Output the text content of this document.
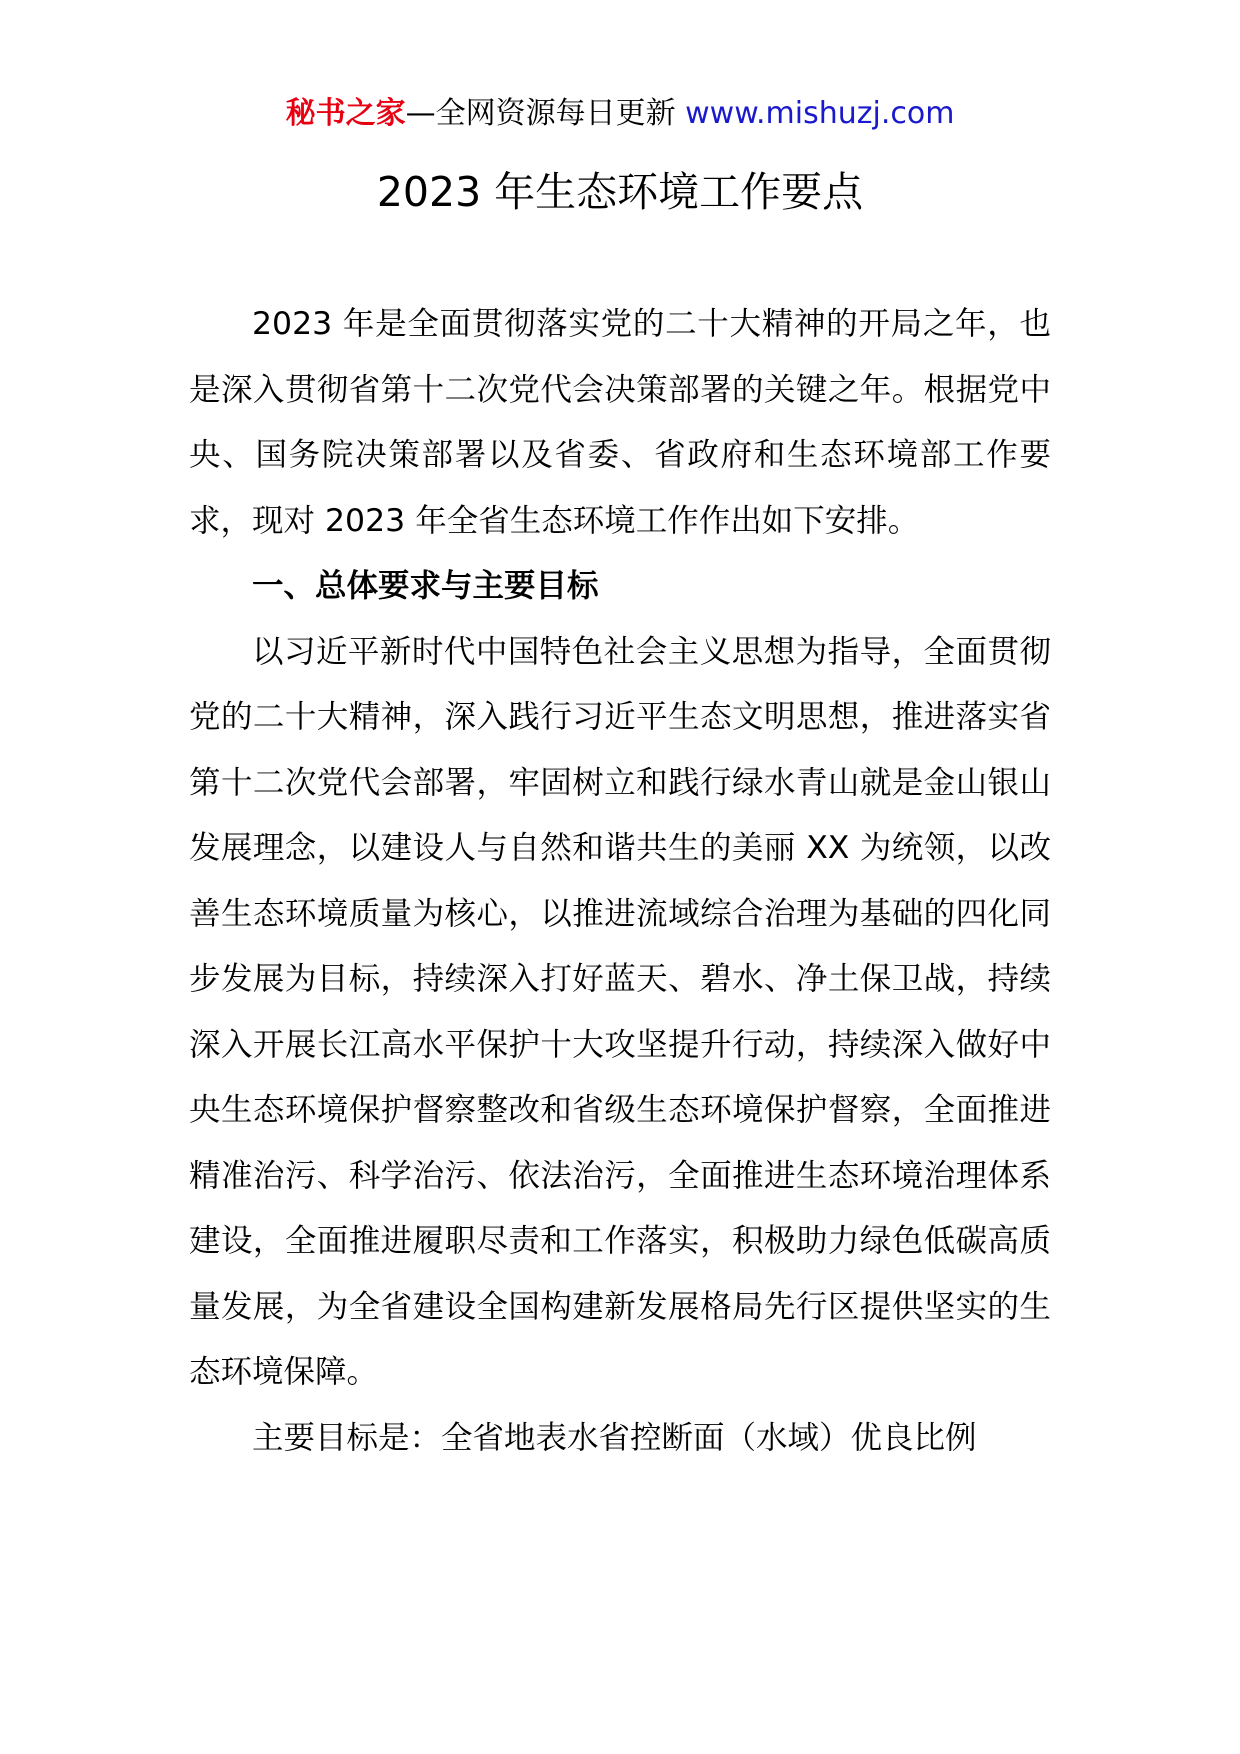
秘书之家—全网资源每日更新 www.mishuzj.com
2023 年生态环境工作要点

2023 年是全面贯彻落实党的二十大精神的开局之年，也是深入贯彻省第十二次党代会决策部署的关键之年。根据党中央、国务院决策部署以及省委、省政府和生态环境部工作要求，现对 2023 年全省生态环境工作作出如下安排。

一、总体要求与主要目标

以习近平新时代中国特色社会主义思想为指导，全面贯彻党的二十大精神，深入践行习近平生态文明思想，推进落实省第十二次党代会部署，牢固树立和践行绿水青山就是金山银山发展理念，以建设人与自然和谐共生的美丽 XX 为统领，以改善生态环境质量为核心，以推进流域综合治理为基础的四化同步发展为目标，持续深入打好蓝天、碧水、净土保卫战，持续深入开展长江高水平保护十大攻坚提升行动，持续深入做好中央生态环境保护督察整改和省级生态环境保护督察，全面推进精准治污、科学治污、依法治污，全面推进生态环境治理体系建设，全面推进履职尽责和工作落实，积极助力绿色低碳高质量发展，为全省建设全国构建新发展格局先行区提供坚实的生态环境保障。

主要目标是：全省地表水省控断面（水域）优良比例
